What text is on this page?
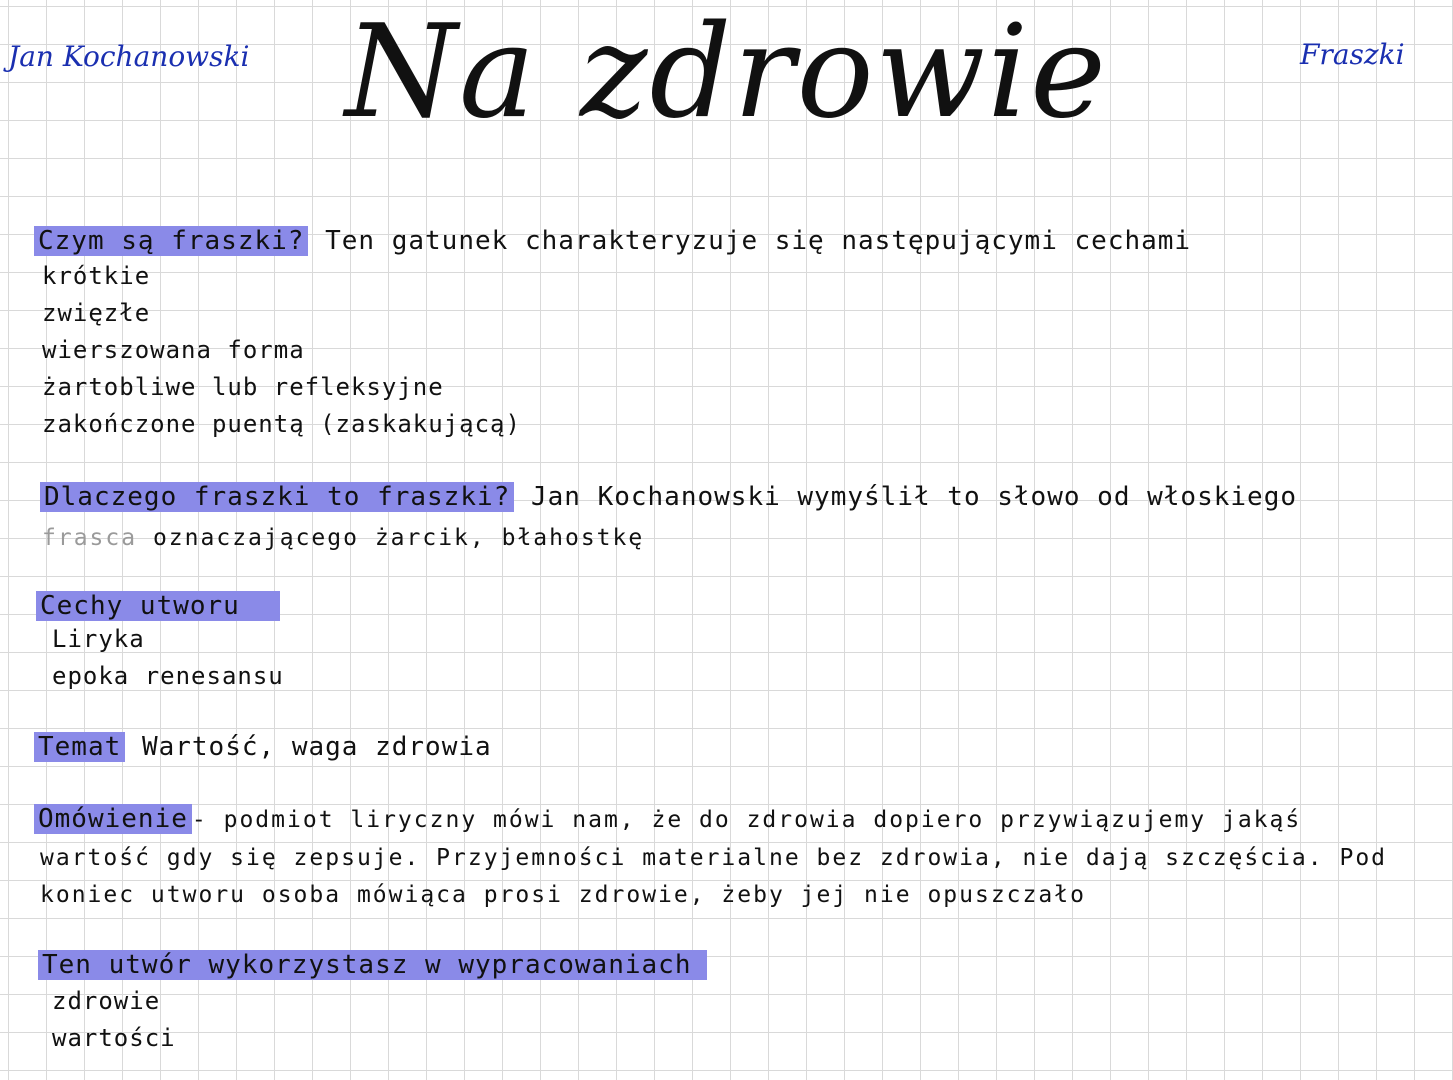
Jan Kochanowski Na zdrowie	Fraszki
Czym są fraszki? Ten gatunek charakteryzuje się następującymi cechami
krótkie
zwięzłe
wierszowana forma
żartobliwe lub refleksyjne
zakończone puentą (zaskakującą)
Dlaczego fraszki to fraszki? Jan Kochanowski wymyślił to słowo od włoskiego
frasca oznaczającego żarcik, błahostkę
Cechy utworu
Liryka
epoka renesansu
Temat Wartość, waga zdrowia
Omówienie - podmiot liryczny mówi nam, że do zdrowia dopiero przywiązujemy jakąś
wartość gdy się zepsuje. Przyjemności materialne bez zdrowia, nie dają szczęścia. Pod
koniec utworu osoba mówiąca prosi zdrowie, żeby jej nie opuszczało
Ten utwór wykorzystasz w wypracowaniach
zdrowie
wartości
